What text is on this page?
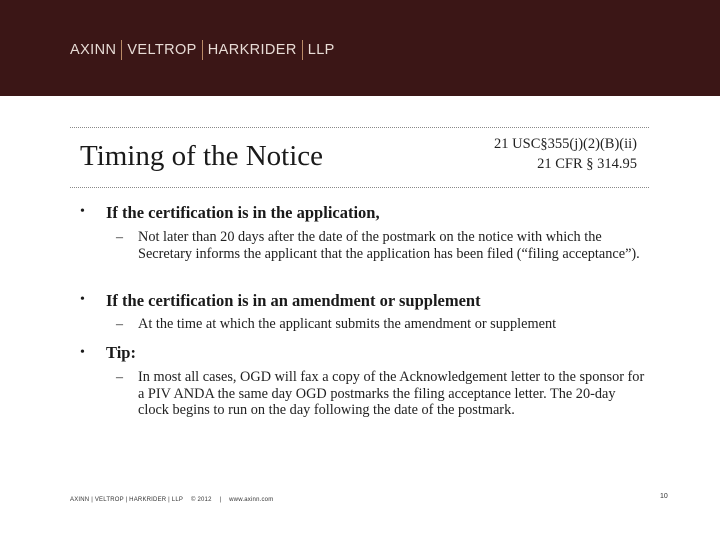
AXINN VELTROP HARKRIDER LLP
Timing of the Notice	21 USC§355(j)(2)(B)(ii)
21 CFR § 314.95
• If the certification is in the application,
– Not later than 20 days after the date of the postmark on the notice with which the Secretary informs the applicant that the application has been filed (“filing acceptance”).
• If the certification is in an amendment or supplement
– At the time at which the applicant submits the amendment or supplement
• Tip:
– In most all cases, OGD will fax a copy of the Acknowledgement letter to the sponsor for a PIV ANDA the same day OGD postmarks the filing acceptance letter. The 20-day clock begins to run on the day following the date of the postmark.
AXINN | VELTROP | HARKRIDER | LLP © 2012 | www.axinn.com	10
